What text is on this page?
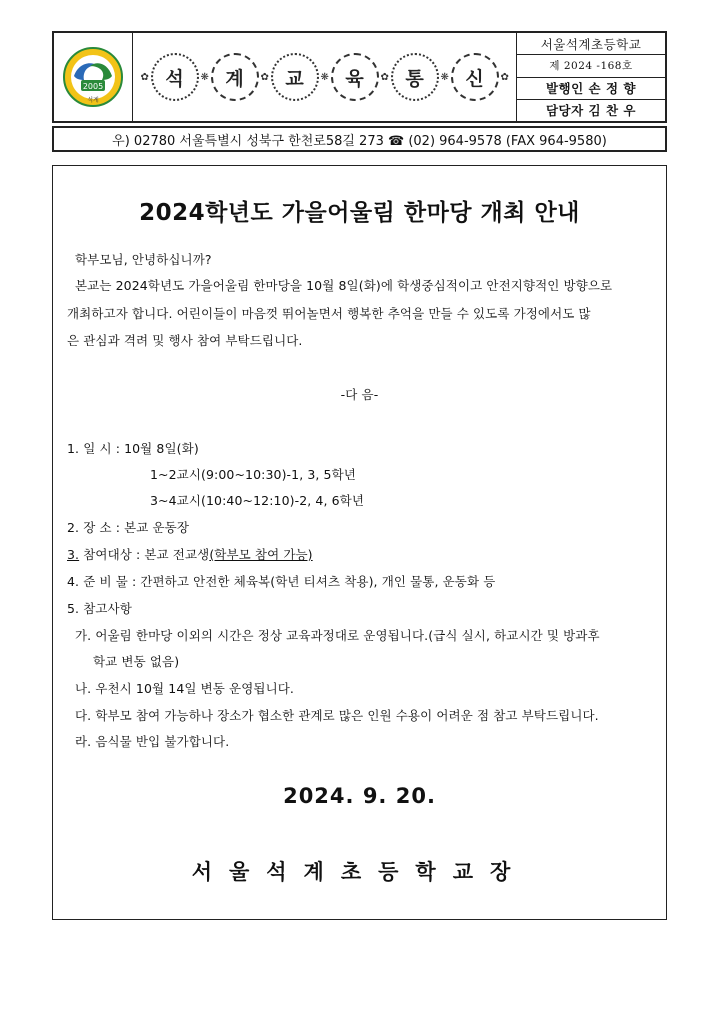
2005
석계
✿ 석	❋ 계	✿ 교	❋ 육	✿ 통	❋ 신	✿
서울석계초등학교
제 2024 -168호
발행인 손 정 향
담당자 김 찬 우
우) 02780 서울특별시 성북구 한천로58길 273 ☎ (02) 964-9578 (FAX 964-9580)
2024학년도 가을어울림 한마당 개최 안내
학부모님, 안녕하십니까?
본교는 2024학년도 가을어울림 한마당을 10월 8일(화)에 학생중심적이고 안전지향적인 방향으로
개최하고자 합니다. 어린이들이 마음껏 뛰어놀면서 행복한 추억을 만들 수 있도록 가정에서도 많
은 관심과 격려 및 행사 참여 부탁드립니다.
-다 음-
1. 일 시 : 10월 8일(화)
1~2교시(9:00~10:30)-1, 3, 5학년
3~4교시(10:40~12:10)-2, 4, 6학년
2. 장 소 : 본교 운동장
3. 참여대상 : 본교 전교생(학부모 참여 가능)
4. 준 비 물 : 간편하고 안전한 체육복(학년 티셔츠 착용), 개인 물통, 운동화 등
5. 참고사항
가. 어울림 한마당 이외의 시간은 정상 교육과정대로 운영됩니다.(급식 실시, 하교시간 및 방과후
학교 변동 없음)
나. 우천시 10월 14일 변동 운영됩니다.
다. 학부모 참여 가능하나 장소가 협소한 관계로 많은 인원 수용이 어려운 점 참고 부탁드립니다.
라. 음식물 반입 불가합니다.
2024. 9. 20.
서울석계초등학교장
